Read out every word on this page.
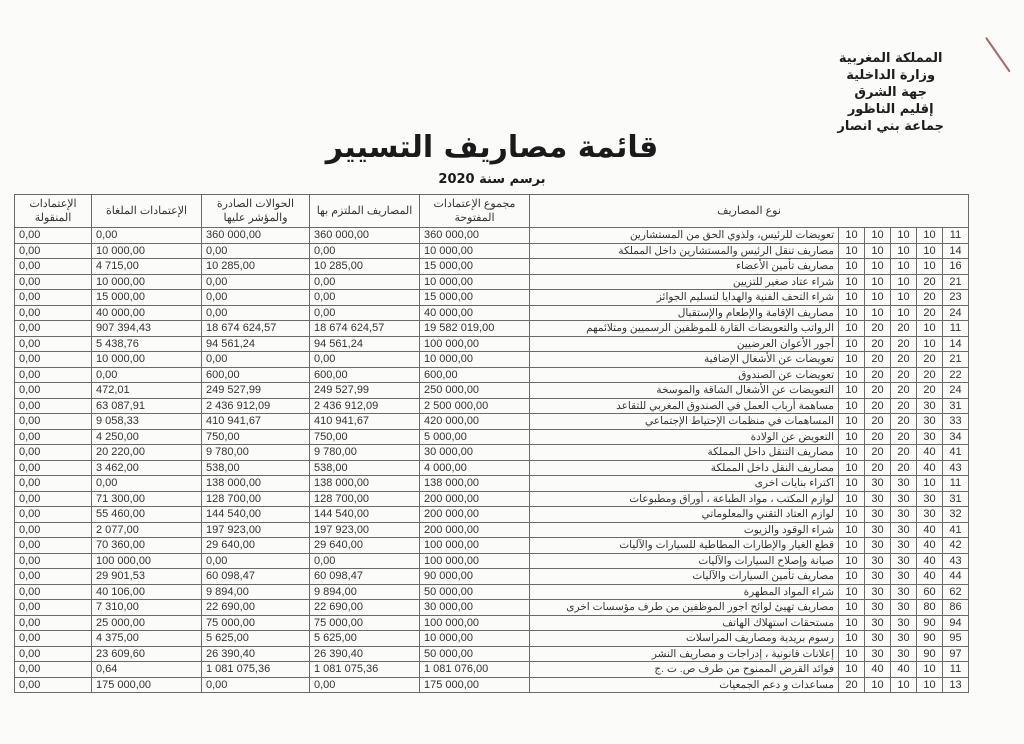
المملكة المغربية
وزارة الداخلية
جهة الشرق
إقليم الناظور
جماعة بني انصار
قائمة مصاريف التسيير
برسم سنة 2020
نوع المصاريف						مجموع الإعتمادات المفتوحة	المصاريف الملتزم بها	الحوالات الصادرة والمؤشر عليها	الإعتمادات الملغاة	الإعتمادات المنقولة
11	10	10	10	10	تعويضات للرئيس، ولذوي الحق من المستشارين	360 000,00	360 000,00	360 000,00	0,00	0,00
14	10	10	10	10	مصاريف تنقل الرئيس والمستشارين داخل المملكة	10 000,00	0,00	0,00	10 000,00	0,00
16	10	10	10	10	مصاريف تأمين الأعضاء	15 000,00	10 285,00	10 285,00	4 715,00	0,00
21	20	10	10	10	شراء عتاد صغير للتزيين	10 000,00	0,00	0,00	10 000,00	0,00
23	20	10	10	10	شراء التحف الفنية والهدايا لتسليم الجوائز	15 000,00	0,00	0,00	15 000,00	0,00
24	20	10	10	10	مصاريف الإقامة والإطعام والإستقبال	40 000,00	0,00	0,00	40 000,00	0,00
11	10	20	20	10	الرواتب والتعويضات القارة للموظفين الرسميين ومتلائمهم	19 582 019,00	18 674 624,57	18 674 624,57	907 394,43	0,00
14	10	20	20	10	أجور الأعوان العرضيين	100 000,00	94 561,24	94 561,24	5 438,76	0,00
21	20	20	20	10	تعويضات عن الأشغال الإضافية	10 000,00	0,00	0,00	10 000,00	0,00
22	20	20	20	10	تعويضات عن الصندوق	600,00	600,00	600,00	0,00	0,00
24	20	20	20	10	التعويضات عن الأشغال الشاقة والموسخة	250 000,00	249 527,99	249 527,99	472,01	0,00
31	30	20	20	10	مساهمة أرباب العمل في الصندوق المغربي للتقاعد	2 500 000,00	2 436 912,09	2 436 912,09	63 087,91	0,00
33	30	20	20	10	المساهمات في منظمات الإحتياط الإجتماعي	420 000,00	410 941,67	410 941,67	9 058,33	0,00
34	30	20	20	10	التعويض عن الولادة	5 000,00	750,00	750,00	4 250,00	0,00
41	40	20	20	10	مصاريف التنقل داخل المملكة	30 000,00	9 780,00	9 780,00	20 220,00	0,00
43	40	20	20	10	مصاريف النقل داخل المملكة	4 000,00	538,00	538,00	3 462,00	0,00
11	10	30	30	10	اكتراء بنايات اخرى	138 000,00	138 000,00	138 000,00	0,00	0,00
31	30	30	30	10	لوازم المكتب ، مواد الطباعة ، أوراق ومطبوعات	200 000,00	128 700,00	128 700,00	71 300,00	0,00
32	30	30	30	10	لوازم العتاد التقني والمعلوماتي	200 000,00	144 540,00	144 540,00	55 460,00	0,00
41	40	30	30	10	شراء الوقود والزيوت	200 000,00	197 923,00	197 923,00	2 077,00	0,00
42	40	30	30	10	قطع الغيار والإطارات المطاطية للسيارات والآليات	100 000,00	29 640,00	29 640,00	70 360,00	0,00
43	40	30	30	10	صيانة وإصلاح السيارات والآليات	100 000,00	0,00	0,00	100 000,00	0,00
44	40	30	30	10	مصاريف تأمين السيارات والآليات	90 000,00	60 098,47	60 098,47	29 901,53	0,00
62	60	30	30	10	شراء المواد المطهرة	50 000,00	9 894,00	9 894,00	40 106,00	0,00
86	80	30	30	10	مصاريف تهيئ لوائح اجور الموظفين من طرف مؤسسات اخرى	30 000,00	22 690,00	22 690,00	7 310,00	0,00
94	90	30	30	10	مستحقات استهلاك الهاتف	100 000,00	75 000,00	75 000,00	25 000,00	0,00
95	90	30	30	10	رسوم بريدية ومصاريف المراسلات	10 000,00	5 625,00	5 625,00	4 375,00	0,00
97	90	30	30	10	إعلانات قانونية ، إدراجات و مصاريف النشر	50 000,00	26 390,40	26 390,40	23 609,60	0,00
11	10	40	40	10	فوائد القرض الممنوح من طرف ص. ت .ج	1 081 076,00	1 081 075,36	1 081 075,36	0,64	0,00
13	10	10	10	20	مساعدات و دعم الجمعيات	175 000,00	0,00	0,00	175 000,00	0,00
